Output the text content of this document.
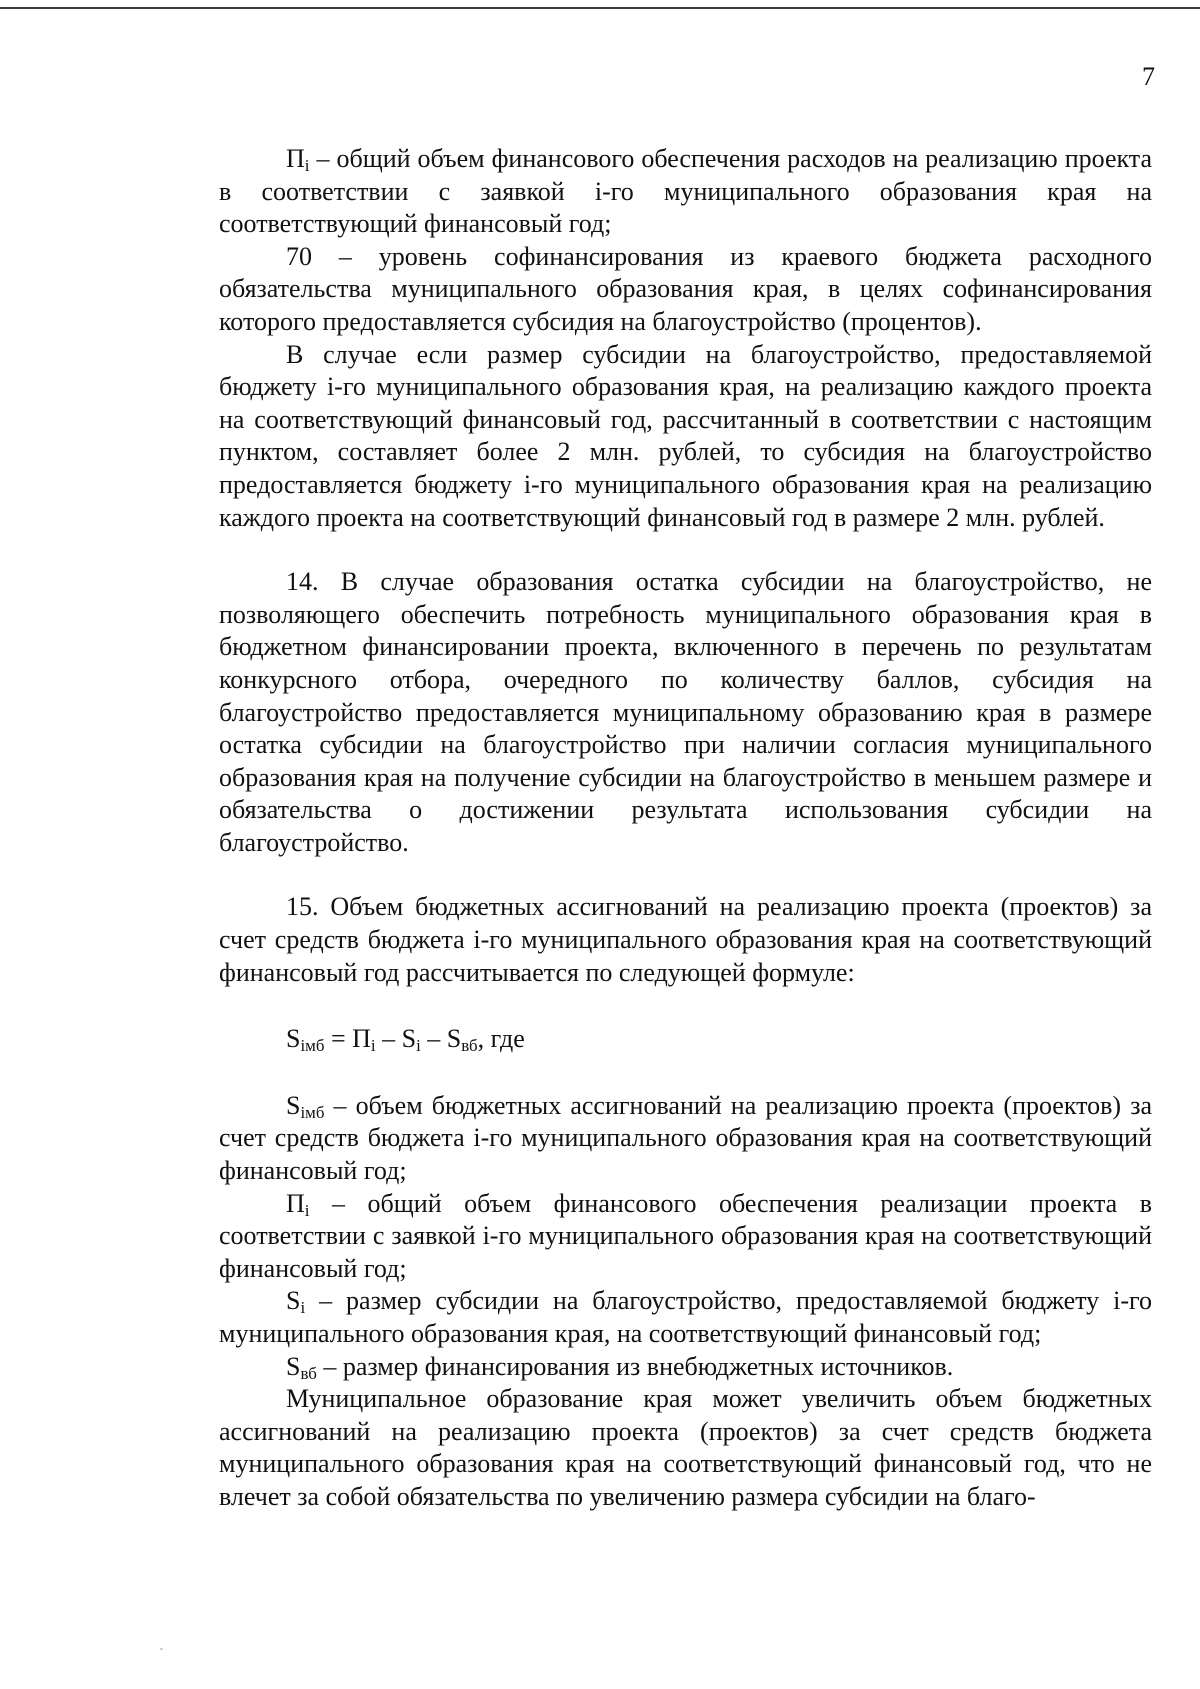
7

$П_i$ – общий объем финансового обеспечения расходов на реализацию проекта в соответствии с заявкой i-го муниципального образования края на соответствующий финансовый год;

70 – уровень софинансирования из краевого бюджета расходного обязательства муниципального образования края, в целях софинансирования которого предоставляется субсидия на благоустройство (процентов).

В случае если размер субсидии на благоустройство, предоставляемой бюджету i-го муниципального образования края, на реализацию каждого проекта на соответствующий финансовый год, рассчитанный в соответствии с настоящим пунктом, составляет более 2 млн. рублей, то субсидия на благоустройство предоставляется бюджету i-го муниципального образования края на реализацию каждого проекта на соответствующий финансовый год в размере 2 млн. рублей.

14. В случае образования остатка субсидии на благоустройство, не позволяющего обеспечить потребность муниципального образования края в бюджетном финансировании проекта, включенного в перечень по результатам конкурсного отбора, очередного по количеству баллов, субсидия на благоустройство предоставляется муниципальному образованию края в размере остатка субсидии на благоустройство при наличии согласия муниципального образования края на получение субсидии на благоустройство в меньшем размере и обязательства о достижении результата использования субсидии на благоустройство.

15. Объем бюджетных ассигнований на реализацию проекта (проектов) за счет средств бюджета i-го муниципального образования края на соответствующий финансовый год рассчитывается по следующей формуле:

$S_{iмб} = П_i - S_i - S_{вб}$, где

$S_{iмб}$ – объем бюджетных ассигнований на реализацию проекта (проектов) за счет средств бюджета i-го муниципального образования края на соответствующий финансовый год;

$П_i$ – общий объем финансового обеспечения реализации проекта в соответствии с заявкой i-го муниципального образования края на соответствующий финансовый год;

$S_i$ – размер субсидии на благоустройство, предоставляемой бюджету i-го муниципального образования края, на соответствующий финансовый год;

$S_{вб}$ – размер финансирования из внебюджетных источников.

Муниципальное образование края может увеличить объем бюджетных ассигнований на реализацию проекта (проектов) за счет средств бюджета муниципального образования края на соответствующий финансовый год, что не влечет за собой обязательства по увеличению размера субсидии на благо-
